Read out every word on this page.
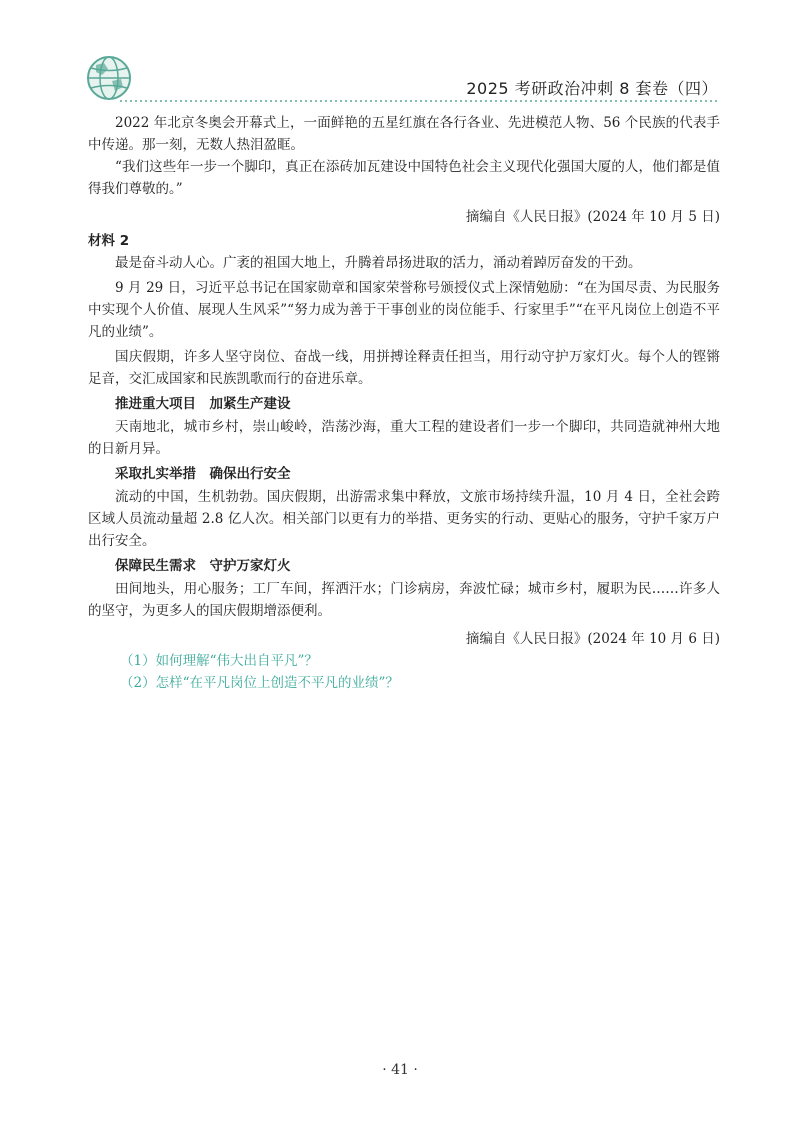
2025 考研政治冲刺 8 套卷（四）

2022 年北京冬奥会开幕式上，一面鲜艳的五星红旗在各行各业、先进模范人物、56 个民族的代表手中传递。那一刻，无数人热泪盈眶。

“我们这些年一步一个脚印，真正在添砖加瓦建设中国特色社会主义现代化强国大厦的人，他们都是值得我们尊敬的。”

摘编自《人民日报》(2024 年 10 月 5 日)
材料 2

最是奋斗动人心。广袤的祖国大地上，升腾着昂扬进取的活力，涌动着踔厉奋发的干劲。

9 月 29 日，习近平总书记在国家勋章和国家荣誉称号颁授仪式上深情勉励：“在为国尽责、为民服务中实现个人价值、展现人生风采”“努力成为善于干事创业的岗位能手、行家里手”“在平凡岗位上创造不平凡的业绩”。

国庆假期，许多人坚守岗位、奋战一线，用拼搏诠释责任担当，用行动守护万家灯火。每个人的铿锵足音，交汇成国家和民族凯歌而行的奋进乐章。

推进重大项目　加紧生产建设

天南地北，城市乡村，崇山峻岭，浩荡沙海，重大工程的建设者们一步一个脚印，共同造就神州大地的日新月异。

采取扎实举措　确保出行安全

流动的中国，生机勃勃。国庆假期，出游需求集中释放，文旅市场持续升温，10 月 4 日，全社会跨区域人员流动量超 2.8 亿人次。相关部门以更有力的举措、更务实的行动、更贴心的服务，守护千家万户出行安全。

保障民生需求　守护万家灯火

田间地头，用心服务；工厂车间，挥洒汗水；门诊病房，奔波忙碌；城市乡村，履职为民……许多人的坚守，为更多人的国庆假期增添便利。

摘编自《人民日报》(2024 年 10 月 6 日)
（1）如何理解“伟大出自平凡”？
（2）怎样“在平凡岗位上创造不平凡的业绩”？
· 41 ·
